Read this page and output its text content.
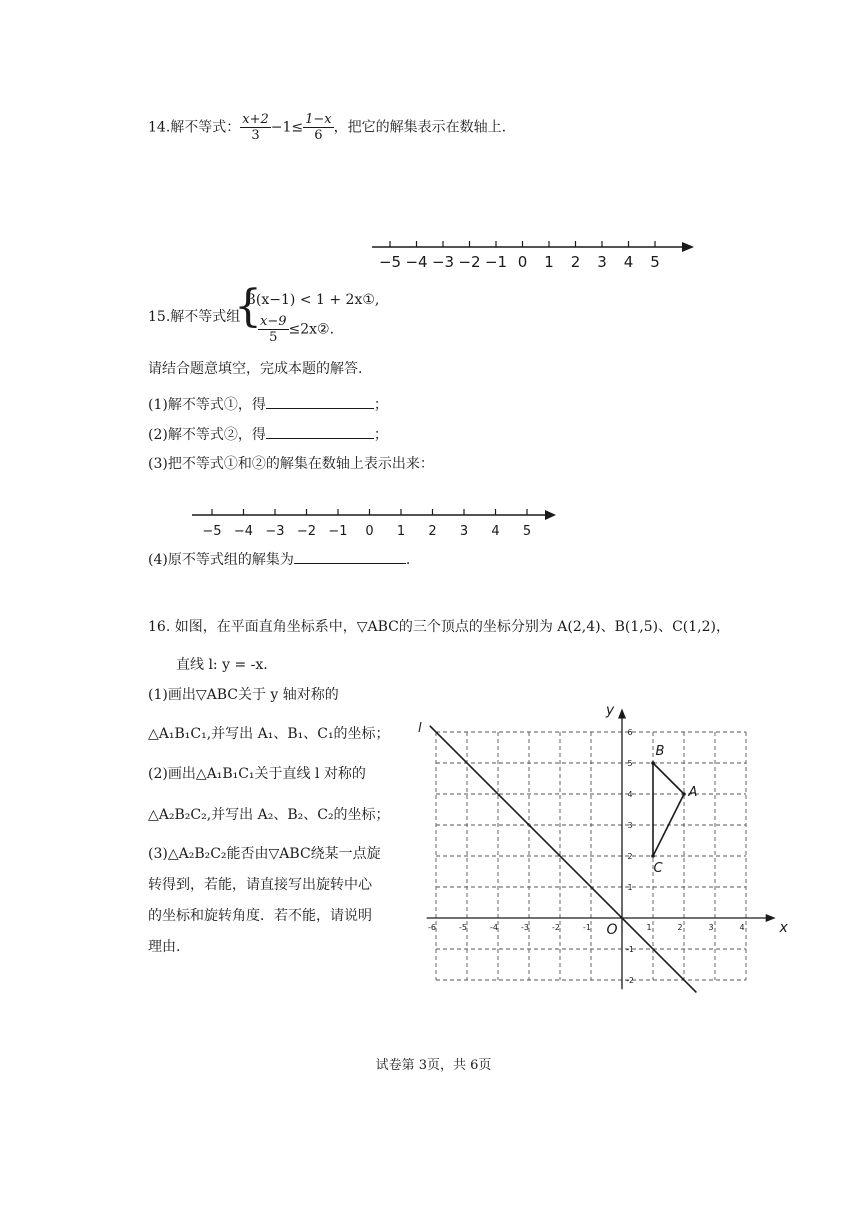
14.解不等式： $\frac{x+2}{3} -1\le \frac{1-x}{6}$ ，把它的解集表示在数轴上.
−5 −4 −3 −2 −1 0 1 2 3 4 5
15.解不等式组
{
3(x−1) < 1 + 2x①,
$\frac{x-9}{5}$ ≤2x②.
请结合题意填空，完成本题的解答.
(1)解不等式①，得	；
(2)解不等式②，得	；
(3)把不等式①和②的解集在数轴上表示出来：
−5 −4 −3 −2 −1 0 1 2 3 4 5
(4)原不等式组的解集为	.
16. 如图，在平面直角坐标系中，▽ABC的三个顶点的坐标分别为 A(2,4)、B(1,5)、C(1,2)，
直线 l: y = -x.
(1)画出▽ABC关于 y 轴对称的
△A₁B₁C₁,并写出 A₁、B₁、C₁的坐标；
(2)画出△A₁B₁C₁关于直线 l 对称的
△A₂B₂C₂,并写出 A₂、B₂、C₂的坐标；
(3)△A₂B₂C₂能否由▽ABC绕某一点旋
转得到，若能，请直接写出旋转中心
的坐标和旋转角度．若不能，请说明
理由.
x
y
O
-6	-5	-4	-3	-2	-1	1	2	3	4
6
5
4
3
2
1
-1
-2
l
A
B
C
试卷第 3页，共 6页
